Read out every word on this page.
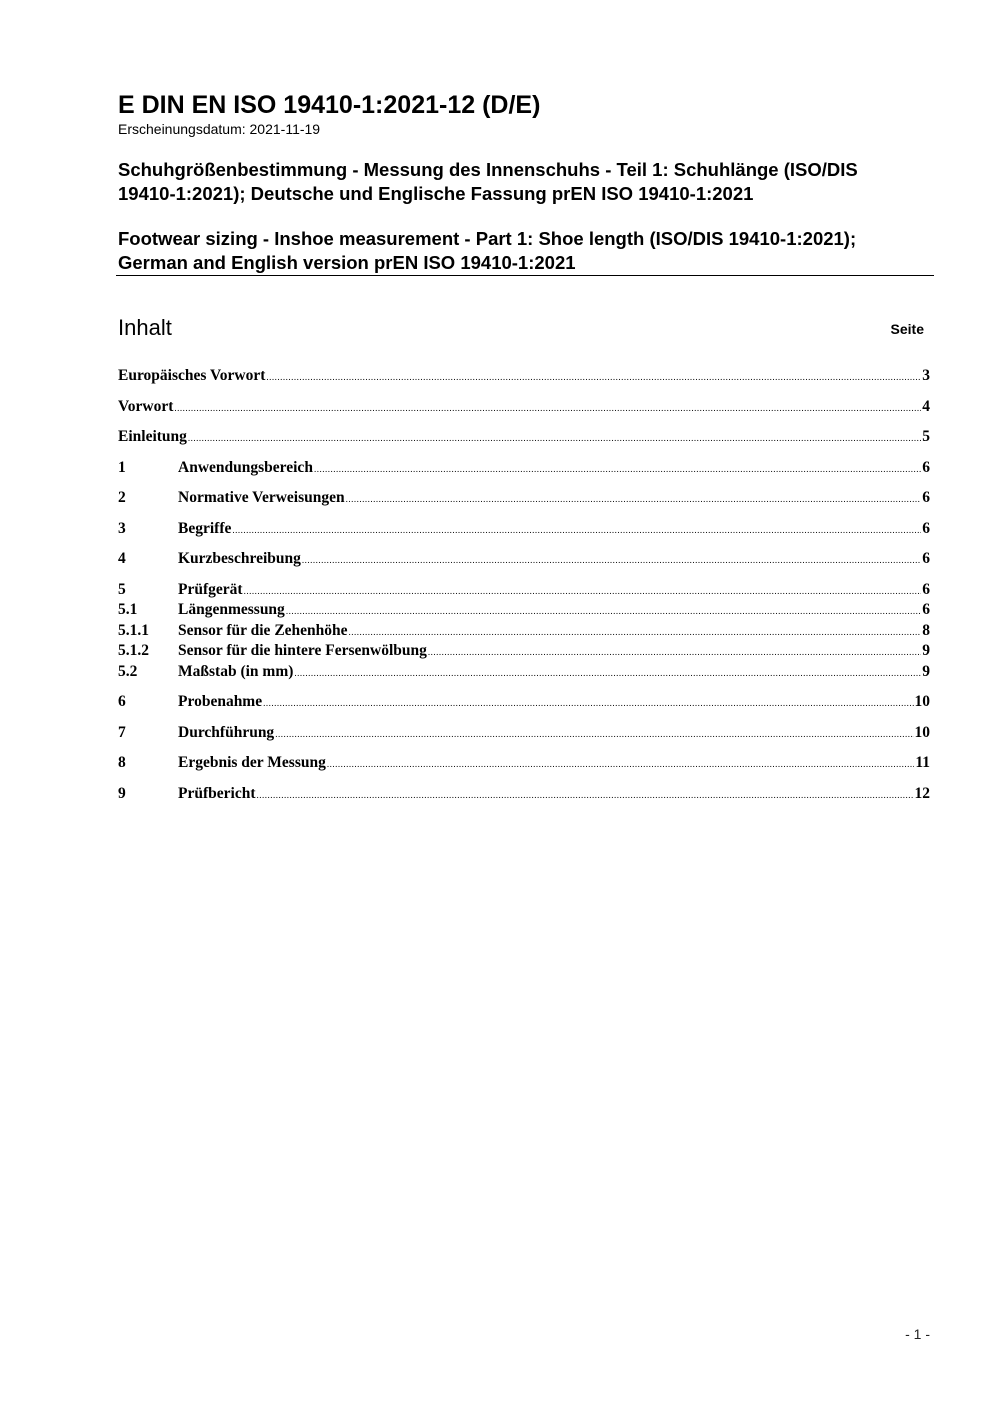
E DIN EN ISO 19410-1:2021-12 (D/E)
Erscheinungsdatum: 2021-11-19
Schuhgrößenbestimmung - Messung des Innenschuhs - Teil 1: Schuhlänge (ISO/DIS
19410-1:2021); Deutsche und Englische Fassung prEN ISO 19410-1:2021
Footwear sizing - Inshoe measurement - Part 1: Shoe length (ISO/DIS 19410-1:2021);
German and English version prEN ISO 19410-1:2021
Inhalt	Seite
Europäisches Vorwort .....	3
Vorwort .....	4
Einleitung .....	5
1	Anwendungsbereich .....	6
2	Normative Verweisungen .....	6
3	Begriffe .....	6
4	Kurzbeschreibung .....	6
5	Prüfgerät .....	6
5.1	Längenmessung .....	6
5.1.1	Sensor für die Zehenhöhe .....	8
5.1.2	Sensor für die hintere Fersenwölbung .....	9
5.2	Maßstab (in mm) .....	9
6	Probenahme .....	10
7	Durchführung .....	10
8	Ergebnis der Messung .....	11
9	Prüfbericht .....	12
- 1 -
